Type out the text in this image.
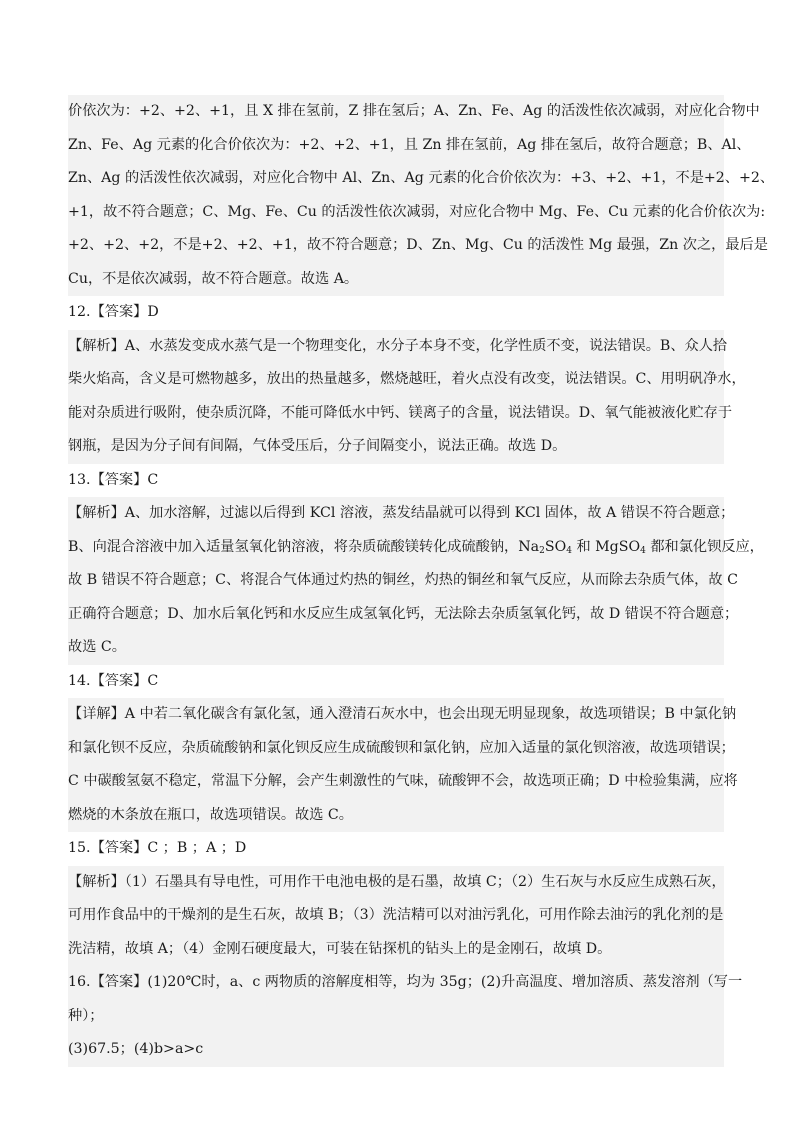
价依次为：+2、+2、+1，且 X 排在氢前，Z 排在氢后；A、Zn、Fe、Ag 的活泼性依次减弱，对应化合物中
Zn、Fe、Ag 元素的化合价依次为：+2、+2、+1，且 Zn 排在氢前，Ag 排在氢后，故符合题意；B、Al、
Zn、Ag 的活泼性依次减弱，对应化合物中 Al、Zn、Ag 元素的化合价依次为：+3、+2、+1，不是+2、+2、
+1，故不符合题意；C、Mg、Fe、Cu 的活泼性依次减弱，对应化合物中 Mg、Fe、Cu 元素的化合价依次为:
+2、+2、+2，不是+2、+2、+1，故不符合题意；D、Zn、Mg、Cu 的活泼性 Mg 最强，Zn 次之，最后是
Cu，不是依次减弱，故不符合题意。故选 A。
12.【答案】D
【解析】A、水蒸发变成水蒸气是一个物理变化，水分子本身不变，化学性质不变，说法错误。B、众人拾
柴火焰高，含义是可燃物越多，放出的热量越多，燃烧越旺，着火点没有改变，说法错误。C、用明矾净水，
能对杂质进行吸附，使杂质沉降，不能可降低水中钙、镁离子的含量，说法错误。D、氧气能被液化贮存于
钢瓶，是因为分子间有间隔，气体受压后，分子间隔变小，说法正确。故选 D。
13.【答案】C
【解析】A、加水溶解，过滤以后得到 KCl 溶液，蒸发结晶就可以得到 KCl 固体，故 A 错误不符合题意；
B、向混合溶液中加入适量氢氧化钠溶液，将杂质硫酸镁转化成硫酸钠，$Na_2SO_4$ 和 MgSO$_4$ 都和氯化钡反应，
故 B 错误不符合题意；C、将混合气体通过灼热的铜丝，灼热的铜丝和氧气反应，从而除去杂质气体，故 C
正确符合题意；D、加水后氧化钙和水反应生成氢氧化钙，无法除去杂质氢氧化钙，故 D 错误不符合题意；
故选 C。
14.【答案】C
【详解】A 中若二氧化碳含有氯化氢，通入澄清石灰水中，也会出现无明显现象，故选项错误；B 中氯化钠
和氯化钡不反应，杂质硫酸钠和氯化钡反应生成硫酸钡和氯化钠，应加入适量的氯化钡溶液，故选项错误；
C 中碳酸氢氨不稳定，常温下分解，会产生刺激性的气味，硫酸钾不会，故选项正确；D 中检验集满，应将
燃烧的木条放在瓶口，故选项错误。故选 C。
15.【答案】C ；B ；A ；D
【解析】（1）石墨具有导电性，可用作干电池电极的是石墨，故填 C；（2）生石灰与水反应生成熟石灰，
可用作食品中的干燥剂的是生石灰，故填 B；（3）洗洁精可以对油污乳化，可用作除去油污的乳化剂的是
洗洁精，故填 A；（4）金刚石硬度最大，可装在钻探机的钻头上的是金刚石，故填 D。
16.【答案】(1)20℃时，a、c 两物质的溶解度相等，均为 35g；(2)升高温度、增加溶质、蒸发溶剂（写一
种）；
(3)67.5；(4)b>a>c
